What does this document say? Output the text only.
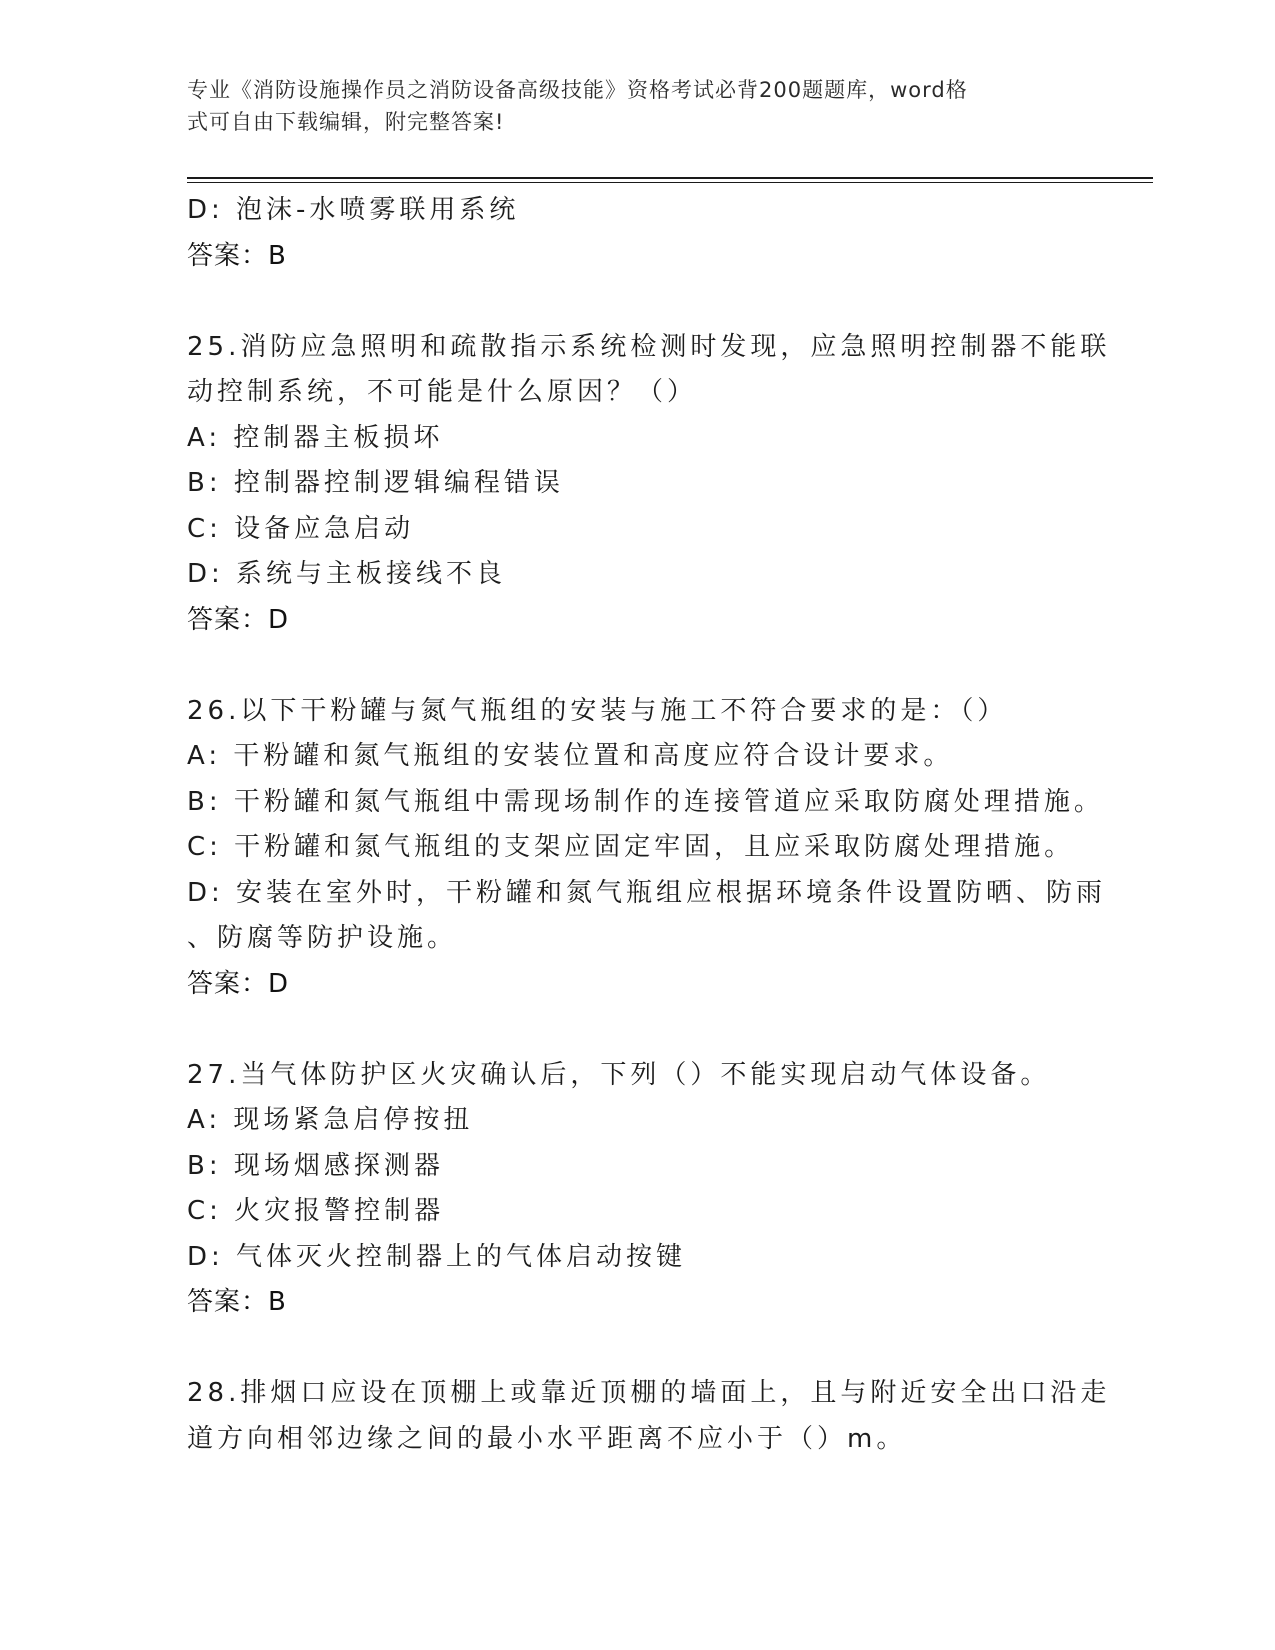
专业《消防设施操作员之消防设备高级技能》资格考试必背200题题库，word格
式可自由下载编辑，附完整答案!
D: 泡沫-水喷雾联用系统
答案：B
25.消防应急照明和疏散指示系统检测时发现，应急照明控制器不能联
动控制系统，不可能是什么原因？（）
A: 控制器主板损坏
B: 控制器控制逻辑编程错误
C: 设备应急启动
D: 系统与主板接线不良
答案：D
26.以下干粉罐与氮气瓶组的安装与施工不符合要求的是：（）
A: 干粉罐和氮气瓶组的安装位置和高度应符合设计要求。
B: 干粉罐和氮气瓶组中需现场制作的连接管道应采取防腐处理措施。
C: 干粉罐和氮气瓶组的支架应固定牢固，且应采取防腐处理措施。
D: 安装在室外时，干粉罐和氮气瓶组应根据环境条件设置防晒、防雨
、防腐等防护设施。
答案：D
27.当气体防护区火灾确认后，下列（）不能实现启动气体设备。
A: 现场紧急启停按扭
B: 现场烟感探测器
C: 火灾报警控制器
D: 气体灭火控制器上的气体启动按键
答案：B
28.排烟口应设在顶棚上或靠近顶棚的墙面上，且与附近安全出口沿走
道方向相邻边缘之间的最小水平距离不应小于（）m。
